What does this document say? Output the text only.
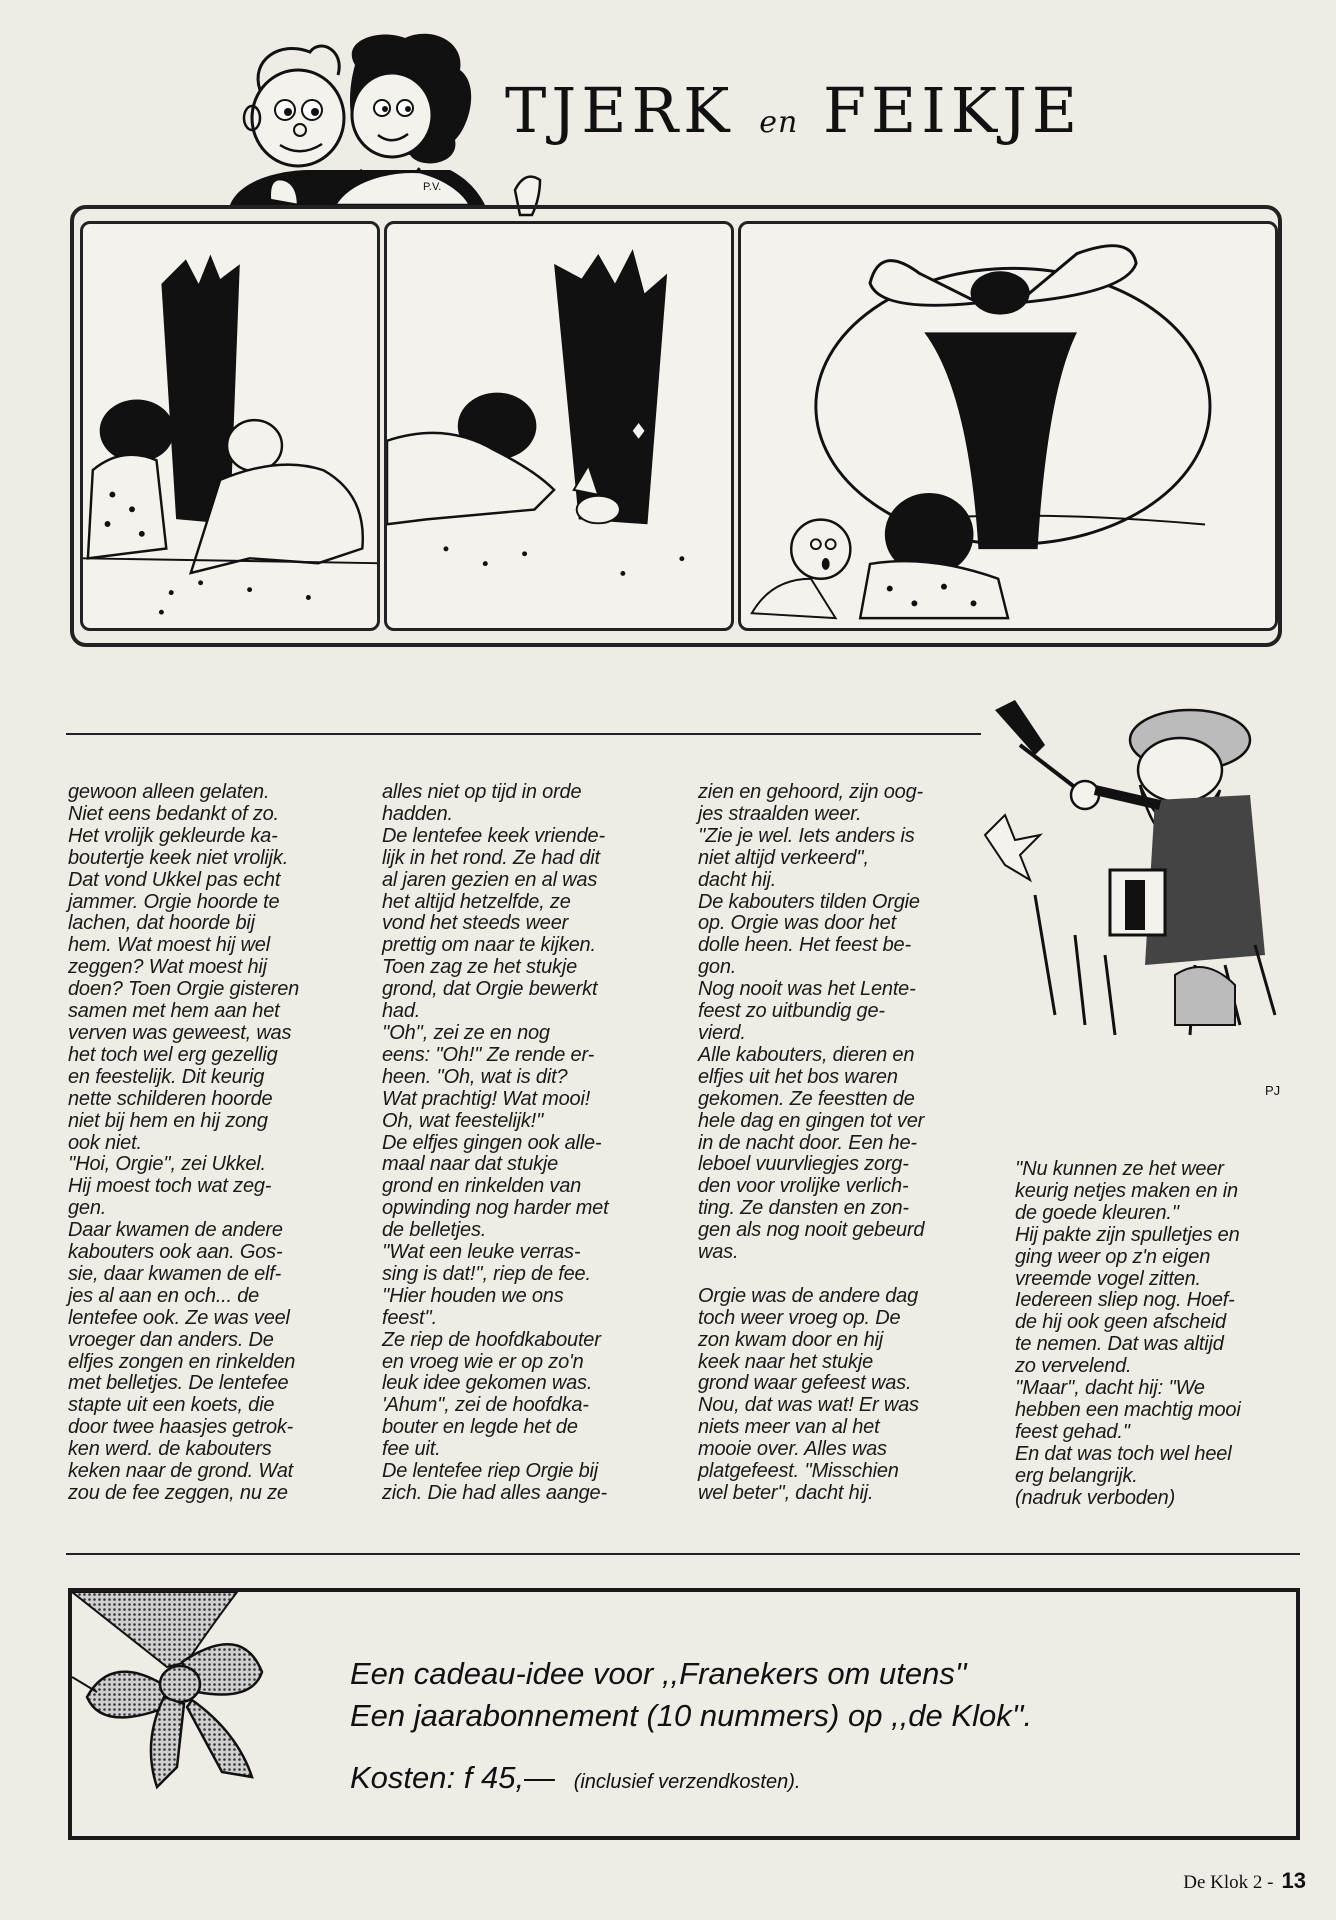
P.V.
TJERK en FEIKJE
PJ

gewoon alleen gelaten.
Niet eens bedankt of zo.
Het vrolijk gekleurde ka-
boutertje keek niet vrolijk.
Dat vond Ukkel pas echt
jammer. Orgie hoorde te
lachen, dat hoorde bij
hem. Wat moest hij wel
zeggen? Wat moest hij
doen? Toen Orgie gisteren
samen met hem aan het
verven was geweest, was
het toch wel erg gezellig
en feestelijk. Dit keurig
nette schilderen hoorde
niet bij hem en hij zong
ook niet.
''Hoi, Orgie'', zei Ukkel.
Hij moest toch wat zeg-
gen.
Daar kwamen de andere
kabouters ook aan. Gos-
sie, daar kwamen de elf-
jes al aan en och... de
lentefee ook. Ze was veel
vroeger dan anders. De
elfjes zongen en rinkelden
met belletjes. De lentefee
stapte uit een koets, die
door twee haasjes getrok-
ken werd. de kabouters
keken naar de grond. Wat
zou de fee zeggen, nu ze

alles niet op tijd in orde
hadden.
De lentefee keek vriende-
lijk in het rond. Ze had dit
al jaren gezien en al was
het altijd hetzelfde, ze
vond het steeds weer
prettig om naar te kijken.
Toen zag ze het stukje
grond, dat Orgie bewerkt
had.
''Oh'', zei ze en nog
eens: ''Oh!'' Ze rende er-
heen. ''Oh, wat is dit?
Wat prachtig! Wat mooi!
Oh, wat feestelijk!''
De elfjes gingen ook alle-
maal naar dat stukje
grond en rinkelden van
opwinding nog harder met
de belletjes.
''Wat een leuke verras-
sing is dat!'', riep de fee.
''Hier houden we ons
feest''.
Ze riep de hoofdkabouter
en vroeg wie er op zo'n
leuk idee gekomen was.
'Ahum'', zei de hoofdka-
bouter en legde het de
fee uit.
De lentefee riep Orgie bij
zich. Die had alles aange-

zien en gehoord, zijn oog-
jes straalden weer.
''Zie je wel. Iets anders is
niet altijd verkeerd'',
dacht hij.
De kabouters tilden Orgie
op. Orgie was door het
dolle heen. Het feest be-
gon.
Nog nooit was het Lente-
feest zo uitbundig ge-
vierd.
Alle kabouters, dieren en
elfjes uit het bos waren
gekomen. Ze feestten de
hele dag en gingen tot ver
in de nacht door. Een he-
leboel vuurvliegjes zorg-
den voor vrolijke verlich-
ting. Ze dansten en zon-
gen als nog nooit gebeurd
was.

Orgie was de andere dag
toch weer vroeg op. De
zon kwam door en hij
keek naar het stukje
grond waar gefeest was.
Nou, dat was wat! Er was
niets meer van al het
mooie over. Alles was
platgefeest. ''Misschien
wel beter'', dacht hij.

''Nu kunnen ze het weer
keurig netjes maken en in
de goede kleuren.''
Hij pakte zijn spulletjes en
ging weer op z'n eigen
vreemde vogel zitten.
Iedereen sliep nog. Hoef-
de hij ook geen afscheid
te nemen. Dat was altijd
zo vervelend.
''Maar'', dacht hij: ''We
hebben een machtig mooi
feest gehad.''
En dat was toch wel heel
erg belangrijk.
(nadruk verboden)

Een cadeau-idee voor ,,Franekers om utens''
Een jaarabonnement (10 nummers) op ,,de Klok''.
Kosten: f 45,— (inclusief verzendkosten).
De Klok 2 - 13
